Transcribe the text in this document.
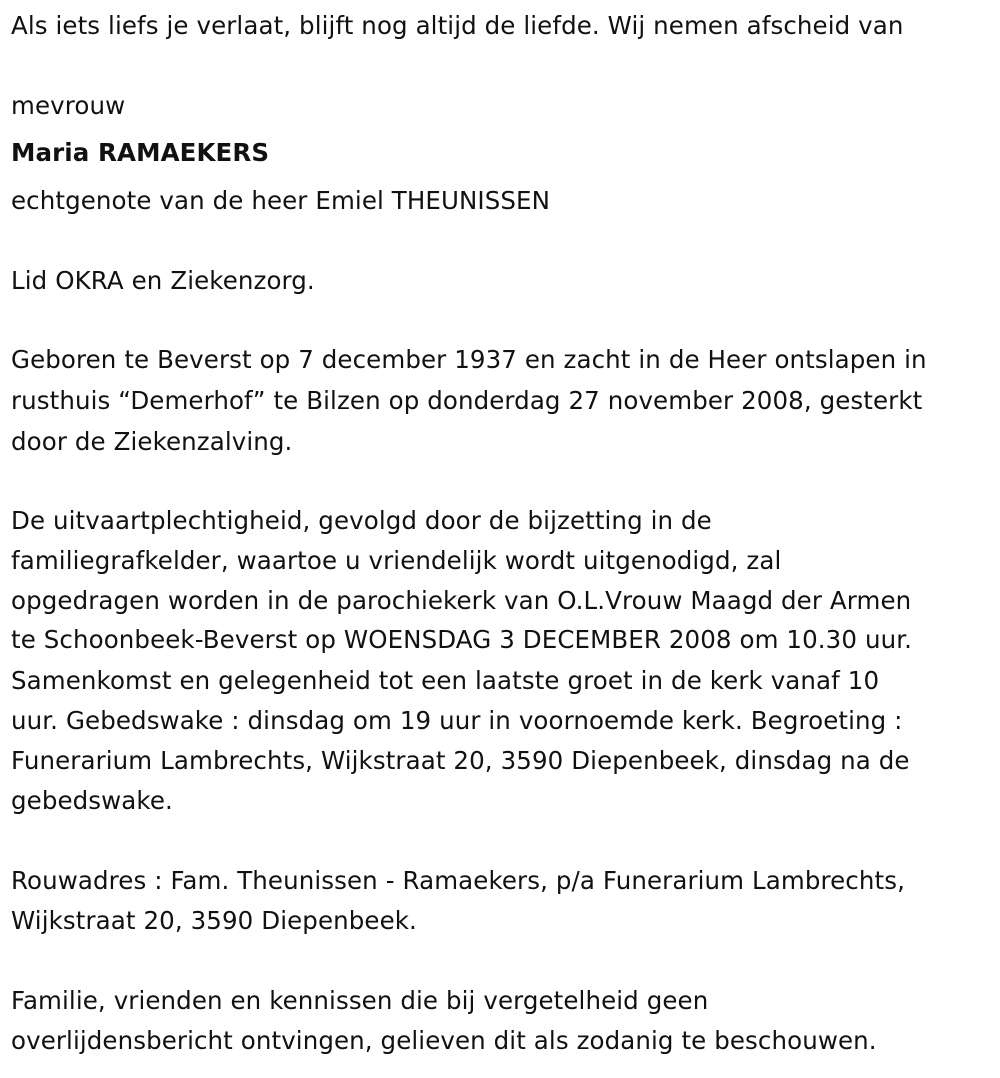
Als iets liefs je verlaat, blijft nog altijd de liefde. Wij nemen afscheid van
mevrouw
Maria RAMAEKERS
echtgenote van de heer Emiel THEUNISSEN
Lid OKRA en Ziekenzorg.
Geboren te Beverst op 7 december 1937 en zacht in de Heer ontslapen in
rusthuis “Demerhof” te Bilzen op donderdag 27 november 2008, gesterkt
door de Ziekenzalving.
De uitvaartplechtigheid, gevolgd door de bijzetting in de
familiegrafkelder, waartoe u vriendelijk wordt uitgenodigd, zal
opgedragen worden in de parochiekerk van O.L.Vrouw Maagd der Armen
te Schoonbeek-Beverst op WOENSDAG 3 DECEMBER 2008 om 10.30 uur.
Samenkomst en gelegenheid tot een laatste groet in de kerk vanaf 10
uur. Gebedswake : dinsdag om 19 uur in voornoemde kerk. Begroeting :
Funerarium Lambrechts, Wijkstraat 20, 3590 Diepenbeek, dinsdag na de
gebedswake.
Rouwadres : Fam. Theunissen - Ramaekers, p/a Funerarium Lambrechts,
Wijkstraat 20, 3590 Diepenbeek.
Familie, vrienden en kennissen die bij vergetelheid geen
overlijdensbericht ontvingen, gelieven dit als zodanig te beschouwen.
